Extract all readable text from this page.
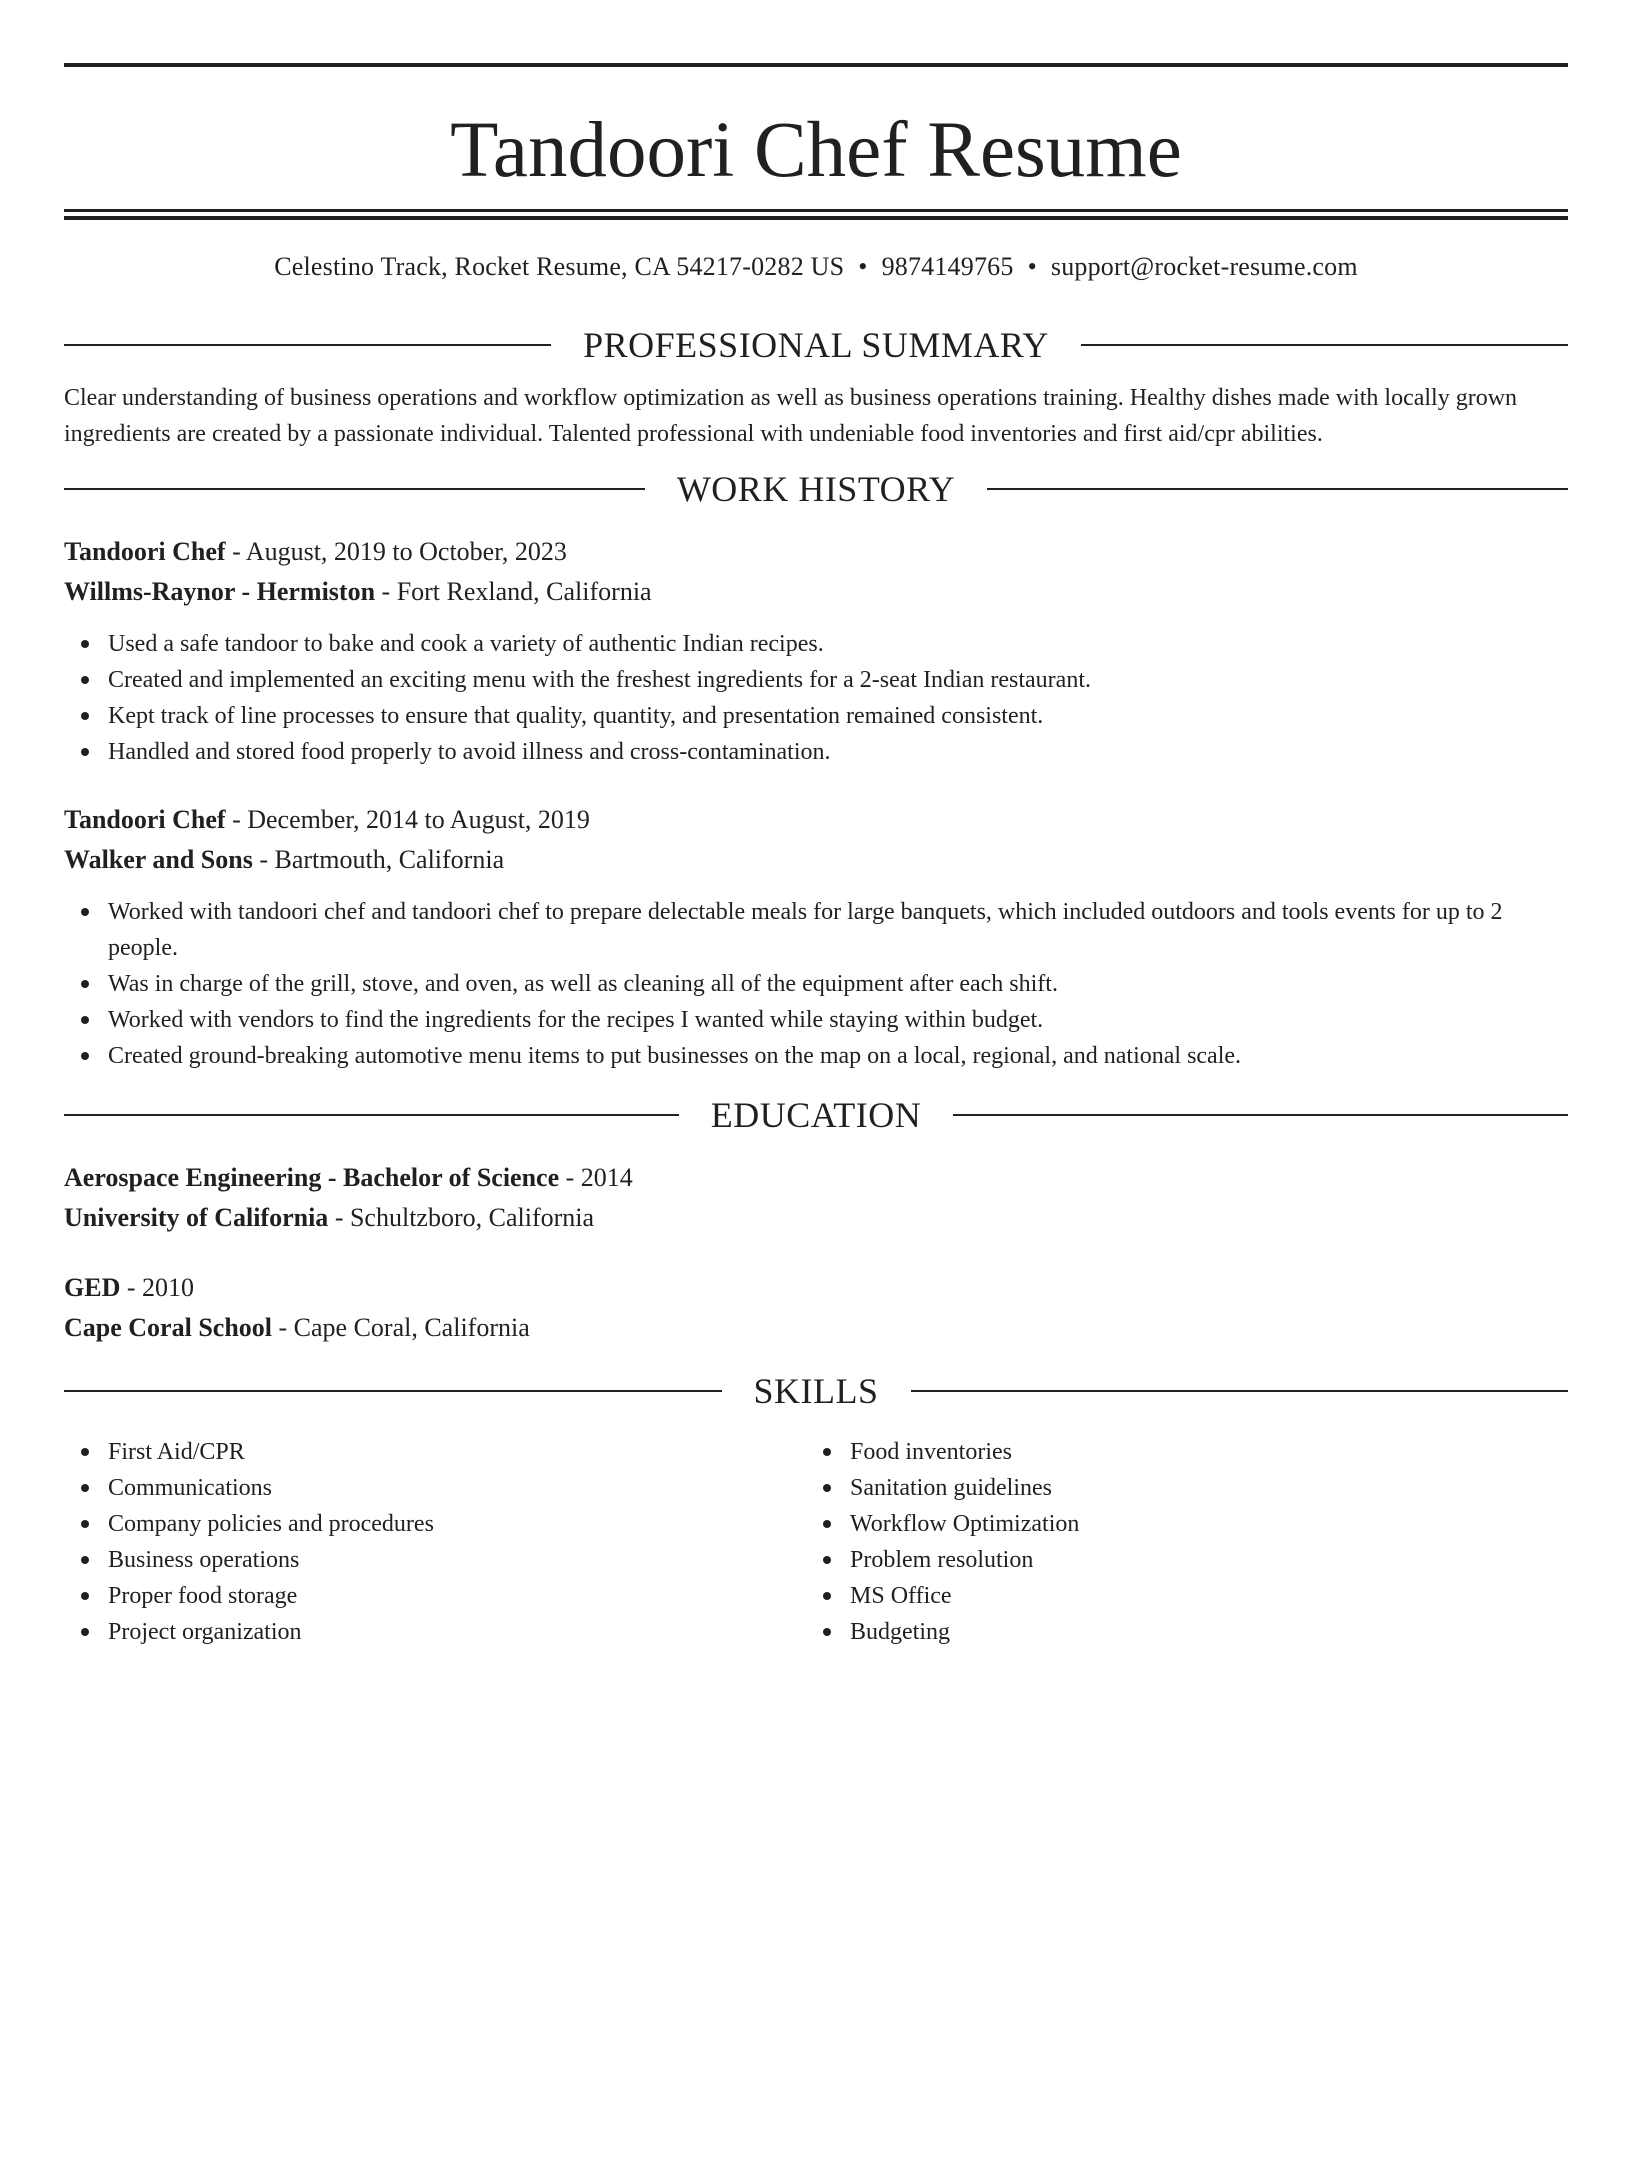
Tandoori Chef Resume
Celestino Track, Rocket Resume, CA 54217-0282 US • 9874149765 • support@rocket-resume.com
PROFESSIONAL SUMMARY
Clear understanding of business operations and workflow optimization as well as business operations training. Healthy dishes made with locally grown ingredients are created by a passionate individual. Talented professional with undeniable food inventories and first aid/cpr abilities.
WORK HISTORY
Tandoori Chef - August, 2019 to October, 2023
Willms-Raynor - Hermiston - Fort Rexland, California
Used a safe tandoor to bake and cook a variety of authentic Indian recipes.
Created and implemented an exciting menu with the freshest ingredients for a 2-seat Indian restaurant.
Kept track of line processes to ensure that quality, quantity, and presentation remained consistent.
Handled and stored food properly to avoid illness and cross-contamination.
Tandoori Chef - December, 2014 to August, 2019
Walker and Sons - Bartmouth, California
Worked with tandoori chef and tandoori chef to prepare delectable meals for large banquets, which included outdoors and tools events for up to 2 people.
Was in charge of the grill, stove, and oven, as well as cleaning all of the equipment after each shift.
Worked with vendors to find the ingredients for the recipes I wanted while staying within budget.
Created ground-breaking automotive menu items to put businesses on the map on a local, regional, and national scale.
EDUCATION
Aerospace Engineering - Bachelor of Science - 2014
University of California - Schultzboro, California
GED - 2010
Cape Coral School - Cape Coral, California
SKILLS
First Aid/CPR
Communications
Company policies and procedures
Business operations
Proper food storage
Project organization
Food inventories
Sanitation guidelines
Workflow Optimization
Problem resolution
MS Office
Budgeting
